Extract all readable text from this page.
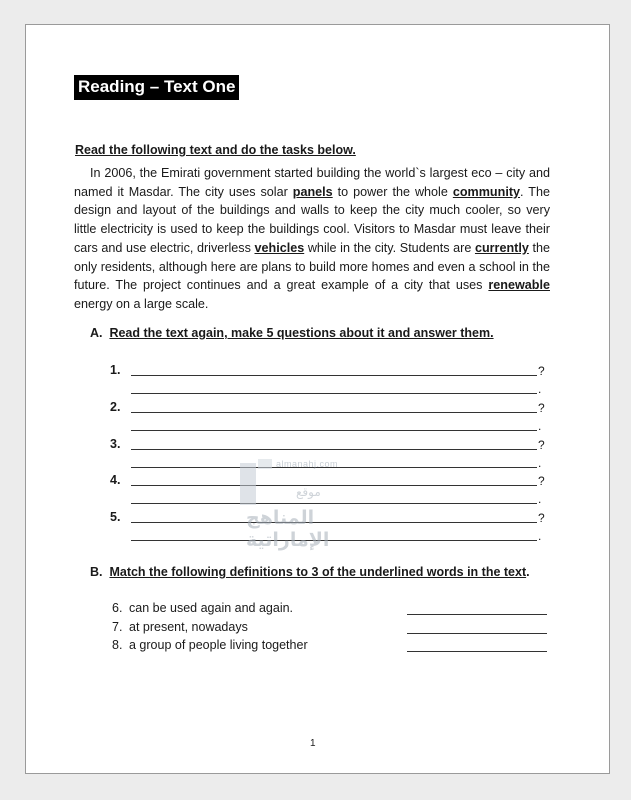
Reading – Text One
Read the following text and do the tasks below.
In 2006, the Emirati government started building the world`s largest eco – city and named it Masdar. The city uses solar panels to power the whole community. The design and layout of the buildings and walls to keep the city much cooler, so very little electricity is used to keep the buildings cool. Visitors to Masdar must leave their cars and use electric, driverless vehicles while in the city. Students are currently the only residents, although here are plans to build more homes and even a school in the future. The project continues and a great example of a city that uses renewable energy on a large scale.
A. Read the text again, make 5 questions about it and answer them.
1.	?
.
2.	?
.
3.	?
.
4.	?
.
5.	?
.
almanahj.com
موقع
المناهج الإماراتية
B. Match the following definitions to 3 of the underlined words in the text.
6. can be used again and again.
7. at present, nowadays
8. a group of people living together
1
